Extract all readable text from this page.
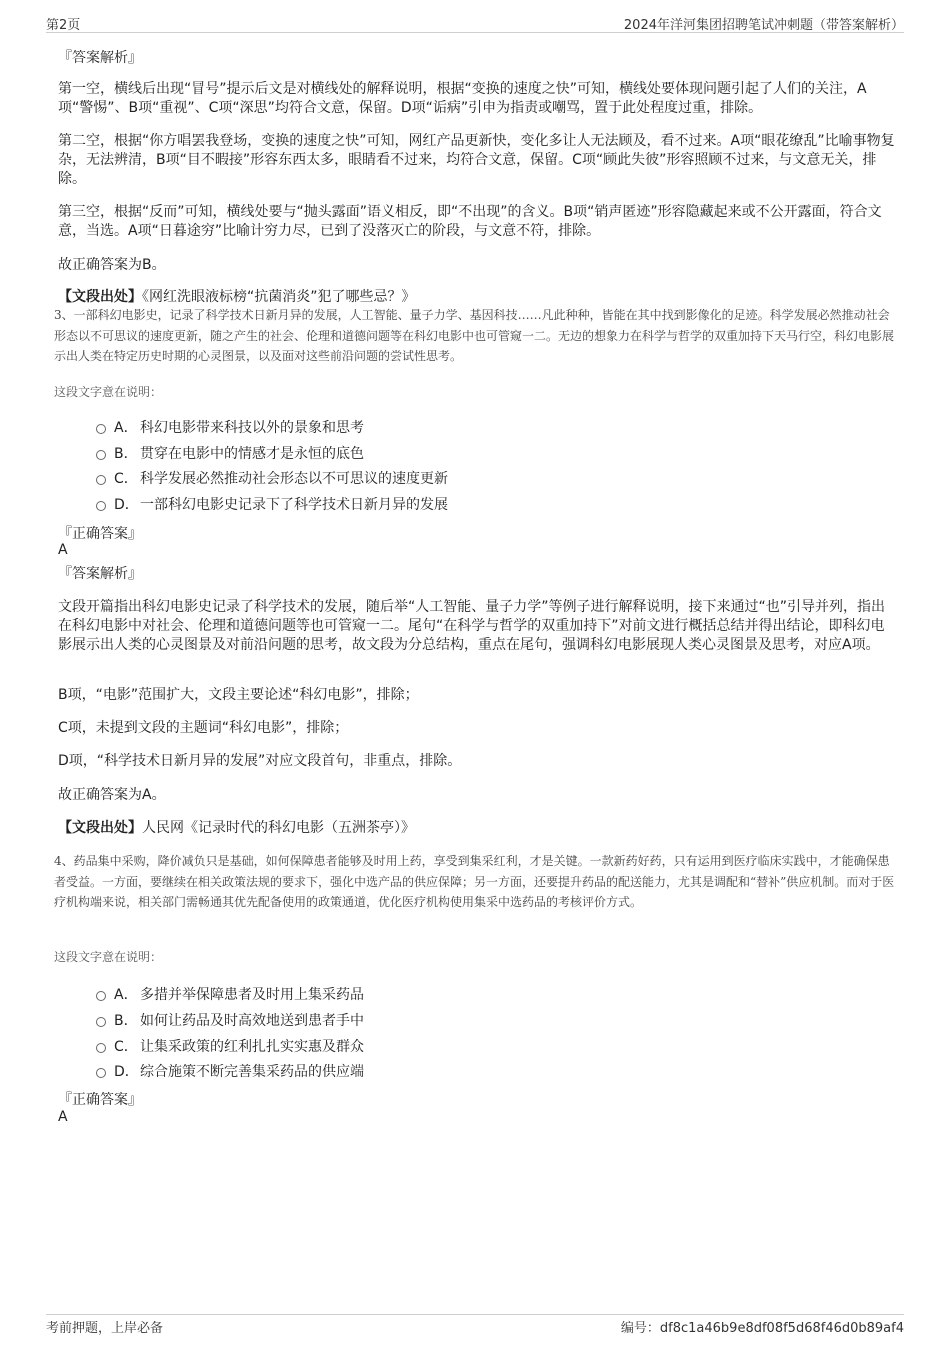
第2页	2024年洋河集团招聘笔试冲刺题（带答案解析）
『答案解析』

第一空，横线后出现“冒号”提示后文是对横线处的解释说明，根据“变换的速度之快”可知，横线处要体现问题引起了人们的关注，A项“警惕”、B项“重视”、C项“深思”均符合文意，保留。D项“诟病”引申为指责或嘲骂，置于此处程度过重，排除。

第二空，根据“你方唱罢我登场，变换的速度之快”可知，网红产品更新快，变化多让人无法顾及，看不过来。A项“眼花缭乱”比喻事物复杂，无法辨清，B项“目不暇接”形容东西太多，眼睛看不过来，均符合文意，保留。C项“顾此失彼”形容照顾不过来，与文意无关，排除。

第三空，根据“反而”可知，横线处要与“抛头露面”语义相反，即“不出现”的含义。B项“销声匿迹”形容隐藏起来或不公开露面，符合文意，当选。A项“日暮途穷”比喻计穷力尽，已到了没落灭亡的阶段，与文意不符，排除。

故正确答案为B。

【文段出处】《网红洗眼液标榜“抗菌消炎”犯了哪些忌？》

3、一部科幻电影史，记录了科学技术日新月异的发展，人工智能、量子力学、基因科技……凡此种种，皆能在其中找到影像化的足迹。科学发展必然推动社会形态以不可思议的速度更新，随之产生的社会、伦理和道德问题等在科幻电影中也可管窥一二。无边的想象力在科学与哲学的双重加持下天马行空，科幻电影展示出人类在特定历史时期的心灵图景，以及面对这些前沿问题的尝试性思考。

这段文字意在说明：

A． 科幻电影带来科技以外的景象和思考
B． 贯穿在电影中的情感才是永恒的底色
C． 科学发展必然推动社会形态以不可思议的速度更新
D．一部科幻电影史记录下了科学技术日新月异的发展
『正确答案』
A
『答案解析』

文段开篇指出科幻电影史记录了科学技术的发展，随后举“人工智能、量子力学”等例子进行解释说明，接下来通过“也”引导并列，指出在科幻电影中对社会、伦理和道德问题等也可管窥一二。尾句“在科学与哲学的双重加持下”对前文进行概括总结并得出结论，即科幻电影展示出人类的心灵图景及对前沿问题的思考，故文段为分总结构，重点在尾句，强调科幻电影展现人类心灵图景及思考，对应A项。

B项，“电影”范围扩大，文段主要论述“科幻电影”，排除；

C项，未提到文段的主题词“科幻电影”，排除；

D项，“科学技术日新月异的发展”对应文段首句，非重点，排除。

故正确答案为A。

【文段出处】人民网《记录时代的科幻电影（五洲茶亭）》

4、药品集中采购，降价减负只是基础，如何保障患者能够及时用上药，享受到集采红利，才是关键。一款新药好药，只有运用到医疗临床实践中，才能确保患者受益。一方面，要继续在相关政策法规的要求下，强化中选产品的供应保障；另一方面，还要提升药品的配送能力，尤其是调配和“替补”供应机制。而对于医疗机构端来说，相关部门需畅通其优先配备使用的政策通道，优化医疗机构使用集采中选药品的考核评价方式。

这段文字意在说明：

A． 多措并举保障患者及时用上集采药品
B． 如何让药品及时高效地送到患者手中
C． 让集采政策的红利扎扎实实惠及群众
D．综合施策不断完善集采药品的供应端
『正确答案』
A
考前押题，上岸必备	编号：df8c1a46b9e8df08f5d68f46d0b89af4
